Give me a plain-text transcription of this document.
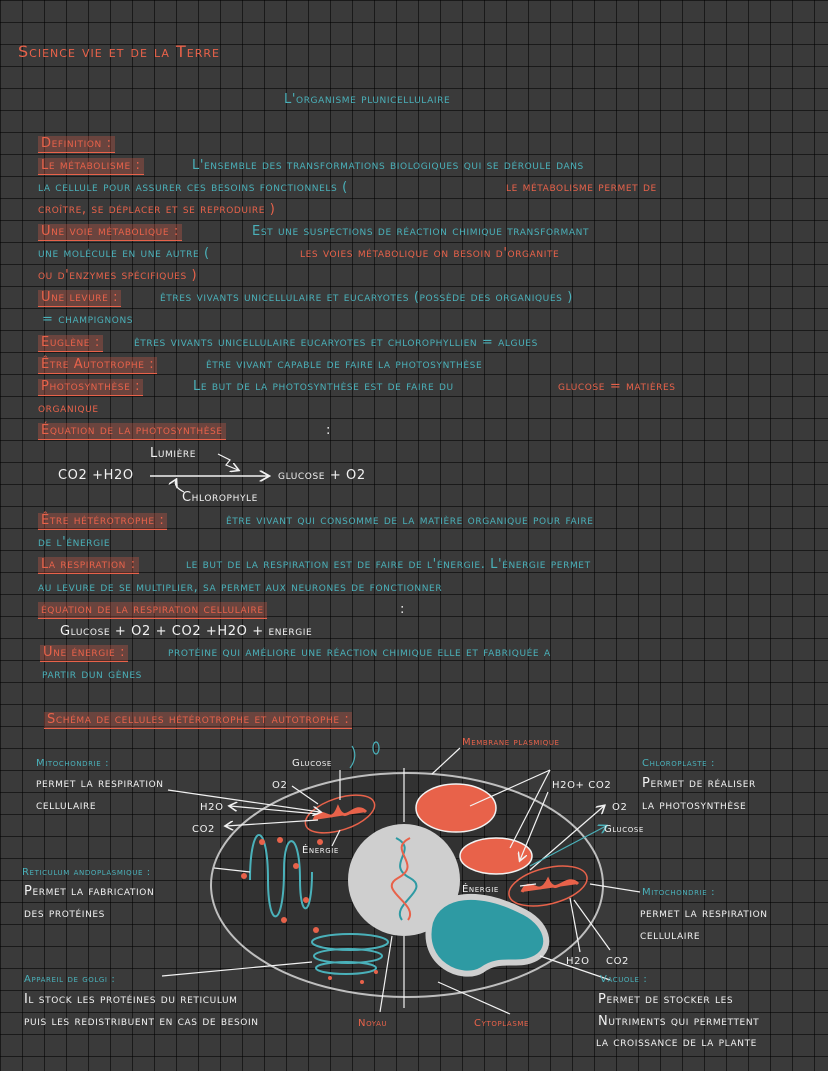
Science vie et de la Terre
L'organisme plunicellulaire
Definition :
Le métabolisme :	L'ensemble des transformations biologiques qui se déroule dans
la cellule pour assurer ces besoins fonctionnels (	le métabolisme permet de
croître, se déplacer et se reproduire )
Une voie métabolique :	Est une suspections de réaction chimique transformant
une molécule en une autre (	les voies métabolique on besoin d'organite
ou d'enzymes spécifiques )
Une levure :	êtres vivants unicellulaire et eucaryotes (possède des organiques )
= champignons
Euglène :	êtres vivants unicellulaire eucaryotes et chlorophyllien = algues
Être Autotrophe :	être vivant capable de faire la photosynthèse
Photosynthèse :	Le but de la photosynthèse est de faire du	glucose = matières
organique
Équation de la photosynthèse	:
Lumière
CO2 +H2O	glucose + O2
Chlorophyle
Être hétérotrophe :	être vivant qui consomme de la matière organique pour faire
de l'énergie
La respiration :	le but de la respiration est de faire de l'énergie. L'énergie permet
au levure de se multiplier, sa permet aux neurones de fonctionner
équation de la respiration cellulaire	:
Glucose + O2 + CO2 +H2O + energie
Une énergie :	protéine qui améliore une réaction chimique elle et fabriquée a
partir dun gènes
Schéma de cellules hétérotrophe et autotrophe :
Mitochondrie :
permet la respiration
cellulaire
Glucose
O2
H2O
CO2
Énergie
Membrane plasmique
Chloroplaste :
Permet de réaliser
la photosynthèse
H2O+ CO2
O2
Glucose
Reticulum andoplasmique :
Permet la fabrication
des protéines
Énergie	Mitochondrie :
permet la respiration
cellulaire
H2O CO2
Appareil de golgi :
Il stock les protéines du reticulum
puis les redistribuent en cas de besoin	Noyau	Cytoplasme
Vacuole :
Permet de stocker les
Nutriments qui permettent
la croissance de la plante
